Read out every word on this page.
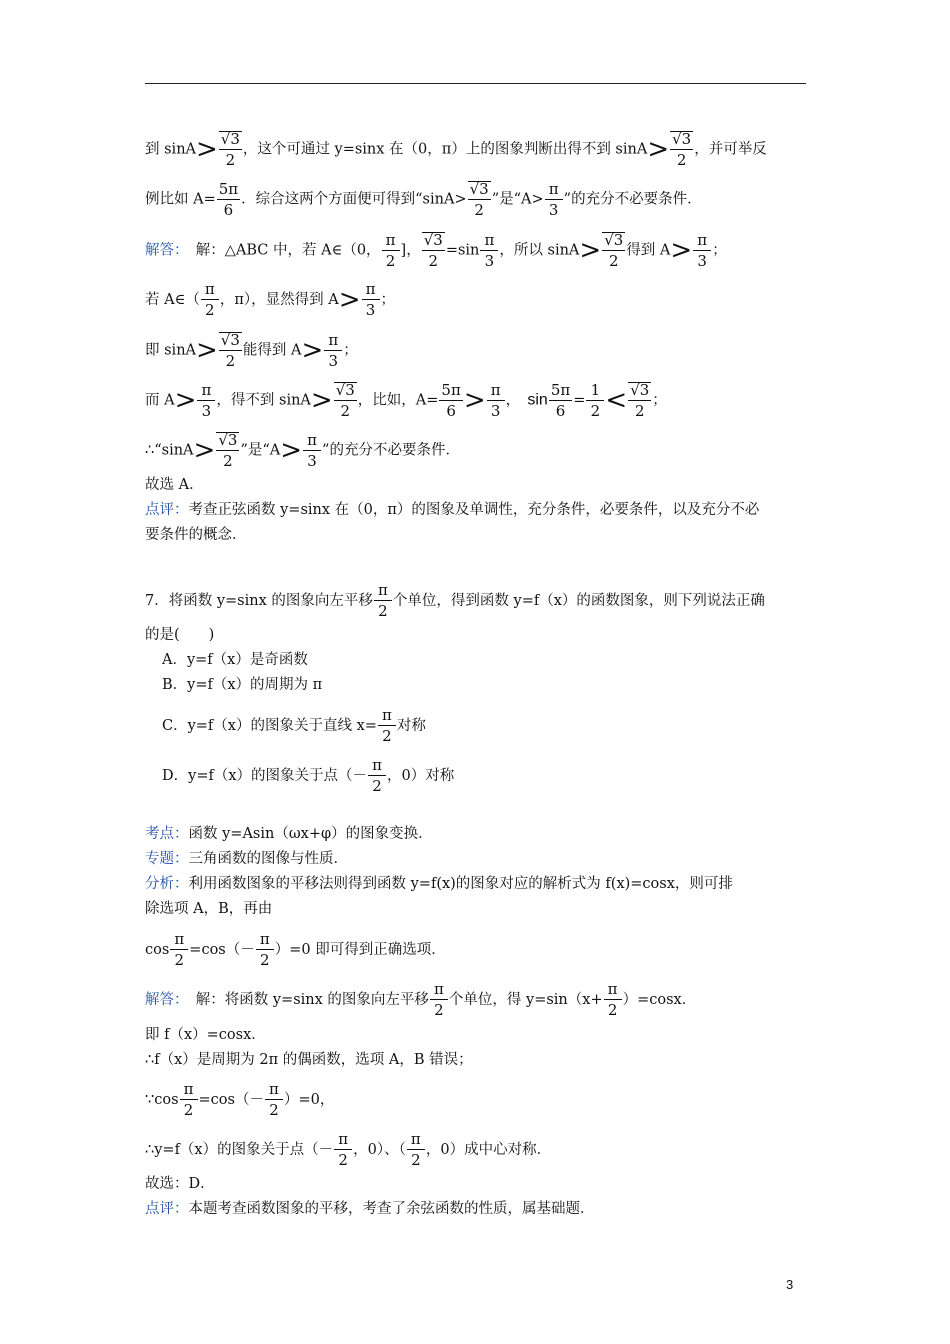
到 $\sin A> \frac{√3}{2}$ ，这个可通过 y=sinx 在（0，π）上的图象判断出得不到 $\sin A> \frac{√3}{2}$ ，并可举反
例比如 $A= \frac{5\pi}{6}$ ．综合这两个方面便可得到“$\sin A> \frac{√3}{2}$ ”是“$A> \frac{\pi}{3}$ ”的充分不必要条件．
解答：　 解：△ABC 中，若 A∈（0， $\frac{\pi}{2}$ ]， $\frac{√3}{2} =\sin \frac{\pi}{3}$ ，所以 $\sin A> \frac{√3}{2}$ 得到 $A> \frac{\pi}{3}$ ；
若 A∈（ $\frac{\pi}{2}$ ，π），显然得到 $A> \frac{\pi}{3}$ ；
即 $\sin A> \frac{√3}{2}$ 能得到 $A> \frac{\pi}{3}$ ；
而 $A> \frac{\pi}{3}$ ，得不到 $\sin A> \frac{√3}{2}$ ，比如，$A= \frac{5\pi}{6} > \frac{\pi}{3}$ ，　 $\sin \frac{5\pi}{6} = \frac{1}{2} < \frac{√3}{2}$ ；
∴“sinA> $\frac{√3}{2}$ ”是“$A> \frac{\pi}{3}$ ”的充分不必要条件．
故选 A．
点评：考查正弦函数 y=sinx 在（0，π）的图象及单调性，充分条件，必要条件，以及充分不必
要条件的概念．
7．将函数 y=sinx 的图象向左平移 $\frac{\pi}{2}$ 个单位，得到函数 y=f（x）的函数图象，则下列说法正确
的是(　　)
A．y=f（x）是奇函数
B．y=f（x）的周期为 π
C．y=f（x）的图象关于直线 $x= \frac{\pi}{2}$ 对称
D．y=f（x）的图象关于点（－ $\frac{\pi}{2}$ ，0）对称
考点：函数 y=Asin（ωx+φ）的图象变换．
专题：三角函数的图像与性质．
分析：利用函数图象的平移法则得到函数 y=f(x)的图象对应的解析式为 f(x)=cosx，则可排
除选项 A，B，再由
$\cos \frac{\pi}{2} =\cos(- \frac{\pi}{2} )=0$ 即可得到正确选项．
解答：　 解：将函数 y=sinx 的图象向左平移 $\frac{\pi}{2}$ 个单位，得 $y=\sin(x+ \frac{\pi}{2} )=\cos x$．
即 f（x）=cosx．
∴f（x）是周期为 2π 的偶函数，选项 A，B 错误；
∵cos $\frac{\pi}{2} =\cos(- \frac{\pi}{2} )=0$，
∴y=f（x）的图象关于点（－ $\frac{\pi}{2}$ ，0）、（ $\frac{\pi}{2}$ ，0）成中心对称．
故选：D．
点评：本题考查函数图象的平移，考查了余弦函数的性质，属基础题．
3
